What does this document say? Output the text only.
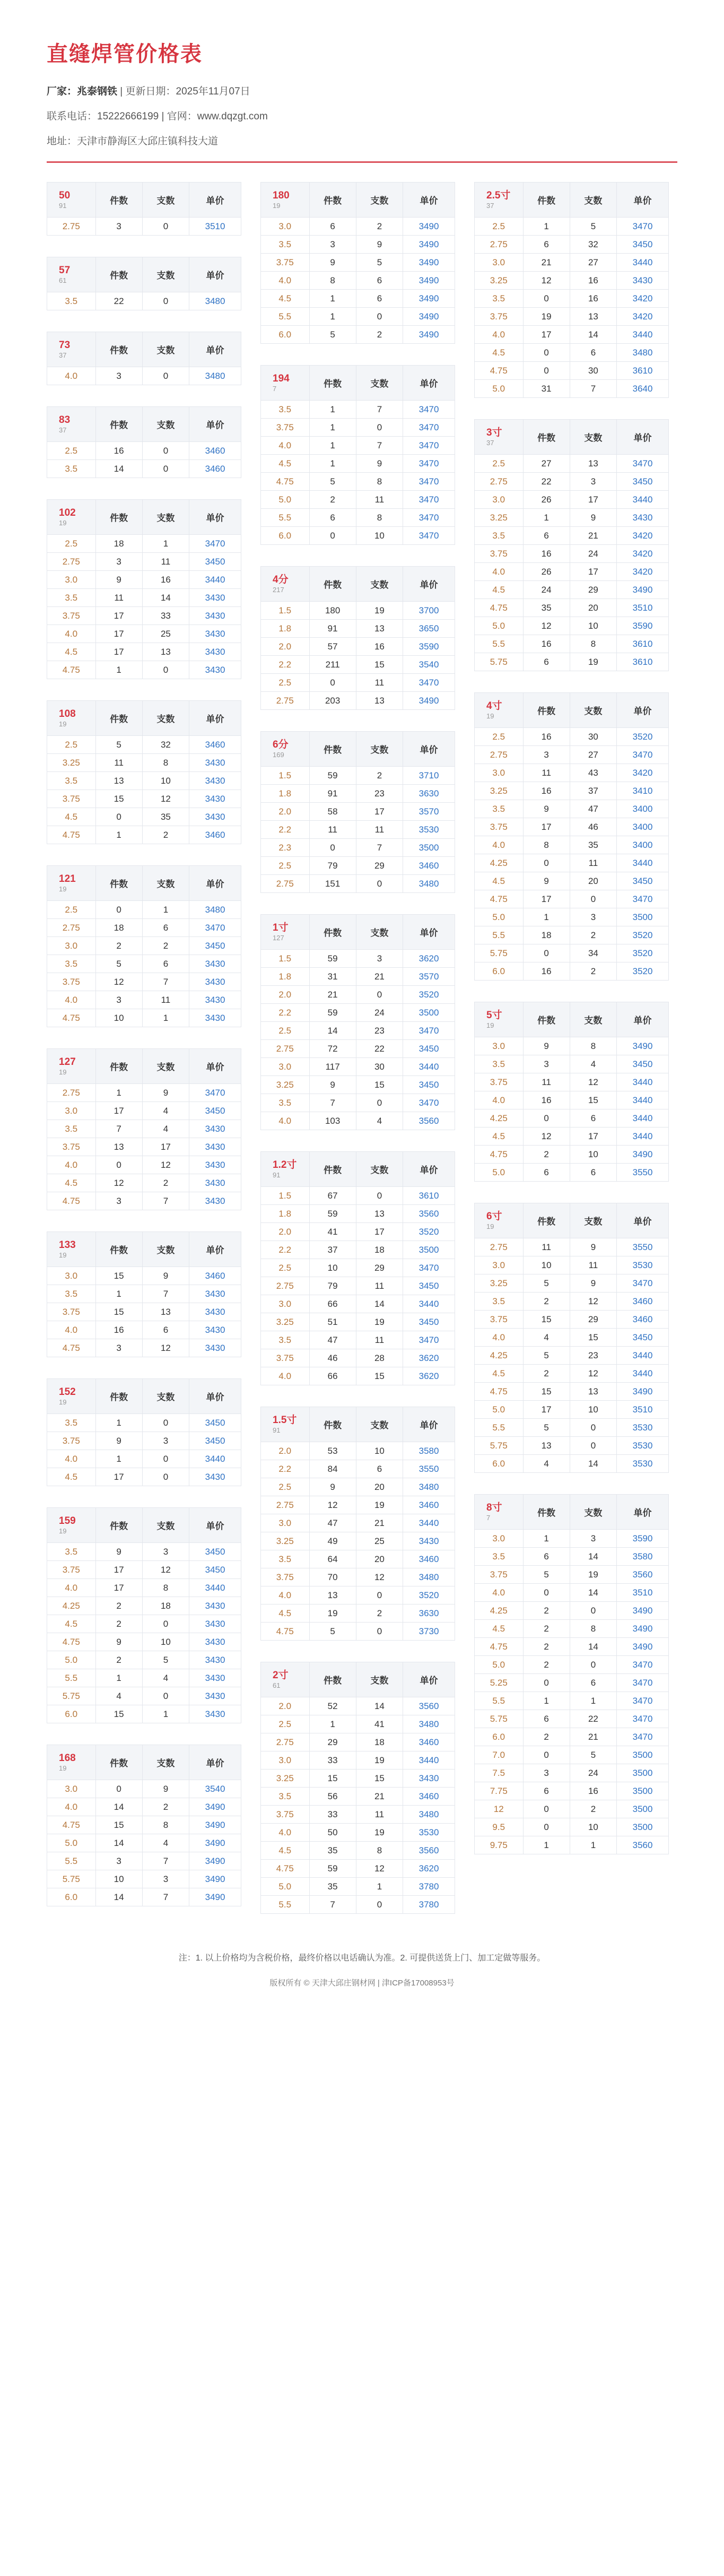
直缝焊管价格表
厂家：兆泰钢铁 | 更新日期：2025年11月07日
联系电话：15222666199 | 官网：www.dqzgt.com
地址：天津市静海区大邱庄镇科技大道
50
91	件数	支数	单价
2.75	3	0	3510
57
61	件数	支数	单价
3.5	22	0	3480
73
37	件数	支数	单价
4.0	3	0	3480
83
37	件数	支数	单价
2.5	16	0	3460
3.5	14	0	3460
102
19	件数	支数	单价
2.5	18	1	3470
2.75	3	11	3450
3.0	9	16	3440
3.5	11	14	3430
3.75	17	33	3430
4.0	17	25	3430
4.5	17	13	3430
4.75	1	0	3430
108
19	件数	支数	单价
2.5	5	32	3460
3.25	11	8	3430
3.5	13	10	3430
3.75	15	12	3430
4.5	0	35	3430
4.75	1	2	3460
121
19	件数	支数	单价
2.5	0	1	3480
2.75	18	6	3470
3.0	2	2	3450
3.5	5	6	3430
3.75	12	7	3430
4.0	3	11	3430
4.75	10	1	3430
127
19	件数	支数	单价
2.75	1	9	3470
3.0	17	4	3450
3.5	7	4	3430
3.75	13	17	3430
4.0	0	12	3430
4.5	12	2	3430
4.75	3	7	3430
133
19	件数	支数	单价
3.0	15	9	3460
3.5	1	7	3430
3.75	15	13	3430
4.0	16	6	3430
4.75	3	12	3430
152
19	件数	支数	单价
3.5	1	0	3450
3.75	9	3	3450
4.0	1	0	3440
4.5	17	0	3430
159
19	件数	支数	单价
3.5	9	3	3450
3.75	17	12	3450
4.0	17	8	3440
4.25	2	18	3430
4.5	2	0	3430
4.75	9	10	3430
5.0	2	5	3430
5.5	1	4	3430
5.75	4	0	3430
6.0	15	1	3430
168
19	件数	支数	单价
3.0	0	9	3540
4.0	14	2	3490
4.75	15	8	3490
5.0	14	4	3490
5.5	3	7	3490
5.75	10	3	3490
6.0	14	7	3490
180
19	件数	支数	单价
3.0	6	2	3490
3.5	3	9	3490
3.75	9	5	3490
4.0	8	6	3490
4.5	1	6	3490
5.5	1	0	3490
6.0	5	2	3490
194
7	件数	支数	单价
3.5	1	7	3470
3.75	1	0	3470
4.0	1	7	3470
4.5	1	9	3470
4.75	5	8	3470
5.0	2	11	3470
5.5	6	8	3470
6.0	0	10	3470
4分
217	件数	支数	单价
1.5	180	19	3700
1.8	91	13	3650
2.0	57	16	3590
2.2	211	15	3540
2.5	0	11	3470
2.75	203	13	3490
6分
169	件数	支数	单价
1.5	59	2	3710
1.8	91	23	3630
2.0	58	17	3570
2.2	11	11	3530
2.3	0	7	3500
2.5	79	29	3460
2.75	151	0	3480
1寸
127	件数	支数	单价
1.5	59	3	3620
1.8	31	21	3570
2.0	21	0	3520
2.2	59	24	3500
2.5	14	23	3470
2.75	72	22	3450
3.0	117	30	3440
3.25	9	15	3450
3.5	7	0	3470
4.0	103	4	3560
1.2寸
91	件数	支数	单价
1.5	67	0	3610
1.8	59	13	3560
2.0	41	17	3520
2.2	37	18	3500
2.5	10	29	3470
2.75	79	11	3450
3.0	66	14	3440
3.25	51	19	3450
3.5	47	11	3470
3.75	46	28	3620
4.0	66	15	3620
1.5寸
91	件数	支数	单价
2.0	53	10	3580
2.2	84	6	3550
2.5	9	20	3480
2.75	12	19	3460
3.0	47	21	3440
3.25	49	25	3430
3.5	64	20	3460
3.75	70	12	3480
4.0	13	0	3520
4.5	19	2	3630
4.75	5	0	3730
2寸
61	件数	支数	单价
2.0	52	14	3560
2.5	1	41	3480
2.75	29	18	3460
3.0	33	19	3440
3.25	15	15	3430
3.5	56	21	3460
3.75	33	11	3480
4.0	50	19	3530
4.5	35	8	3560
4.75	59	12	3620
5.0	35	1	3780
5.5	7	0	3780
2.5寸
37	件数	支数	单价
2.5	1	5	3470
2.75	6	32	3450
3.0	21	27	3440
3.25	12	16	3430
3.5	0	16	3420
3.75	19	13	3420
4.0	17	14	3440
4.5	0	6	3480
4.75	0	30	3610
5.0	31	7	3640
3寸
37	件数	支数	单价
2.5	27	13	3470
2.75	22	3	3450
3.0	26	17	3440
3.25	1	9	3430
3.5	6	21	3420
3.75	16	24	3420
4.0	26	17	3420
4.5	24	29	3490
4.75	35	20	3510
5.0	12	10	3590
5.5	16	8	3610
5.75	6	19	3610
4寸
19	件数	支数	单价
2.5	16	30	3520
2.75	3	27	3470
3.0	11	43	3420
3.25	16	37	3410
3.5	9	47	3400
3.75	17	46	3400
4.0	8	35	3400
4.25	0	11	3440
4.5	9	20	3450
4.75	17	0	3470
5.0	1	3	3500
5.5	18	2	3520
5.75	0	34	3520
6.0	16	2	3520
5寸
19	件数	支数	单价
3.0	9	8	3490
3.5	3	4	3450
3.75	11	12	3440
4.0	16	15	3440
4.25	0	6	3440
4.5	12	17	3440
4.75	2	10	3490
5.0	6	6	3550
6寸
19	件数	支数	单价
2.75	11	9	3550
3.0	10	11	3530
3.25	5	9	3470
3.5	2	12	3460
3.75	15	29	3460
4.0	4	15	3450
4.25	5	23	3440
4.5	2	12	3440
4.75	15	13	3490
5.0	17	10	3510
5.5	5	0	3530
5.75	13	0	3530
6.0	4	14	3530
8寸
7	件数	支数	单价
3.0	1	3	3590
3.5	6	14	3580
3.75	5	19	3560
4.0	0	14	3510
4.25	2	0	3490
4.5	2	8	3490
4.75	2	14	3490
5.0	2	0	3470
5.25	0	6	3470
5.5	1	1	3470
5.75	6	22	3470
6.0	2	21	3470
7.0	0	5	3500
7.5	3	24	3500
7.75	6	16	3500
12	0	2	3500
9.5	0	10	3500
9.75	1	1	3560
注：1. 以上价格均为含税价格，最终价格以电话确认为准。2. 可提供送货上门、加工定做等服务。
版权所有 © 天津大邱庄钢材网 | 津ICP备17008953号
